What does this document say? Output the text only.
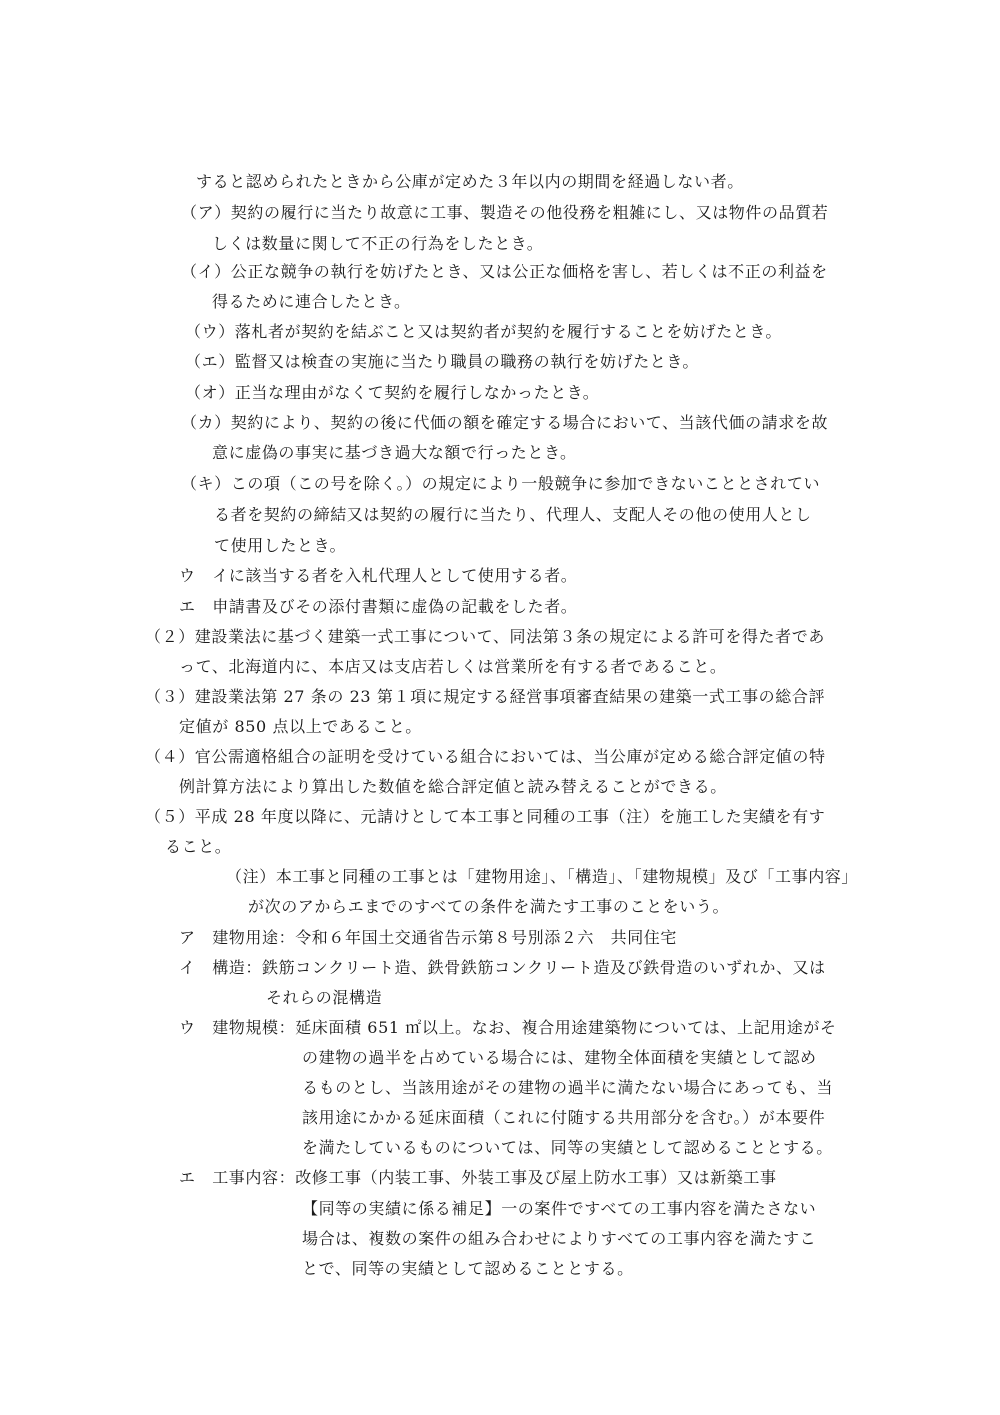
すると認められたときから公庫が定めた３年以内の期間を経過しない者。
（ア）契約の履行に当たり故意に工事、製造その他役務を粗雑にし、又は物件の品質若
しくは数量に関して不正の行為をしたとき。
（イ）公正な競争の執行を妨げたとき、又は公正な価格を害し、若しくは不正の利益を
得るために連合したとき。
（ウ）落札者が契約を結ぶこと又は契約者が契約を履行することを妨げたとき。
（エ）監督又は検査の実施に当たり職員の職務の執行を妨げたとき。
（オ）正当な理由がなくて契約を履行しなかったとき。
（カ）契約により、契約の後に代価の額を確定する場合において、当該代価の請求を故
意に虚偽の事実に基づき過大な額で行ったとき。
（キ）この項（この号を除く。）の規定により一般競争に参加できないこととされてい
る者を契約の締結又は契約の履行に当たり、代理人、支配人その他の使用人とし
て使用したとき。
ウ　イに該当する者を入札代理人として使用する者。
エ　申請書及びその添付書類に虚偽の記載をした者。
（２）建設業法に基づく建築一式工事について、同法第３条の規定による許可を得た者であ
って、北海道内に、本店又は支店若しくは営業所を有する者であること。
（３）建設業法第 27 条の 23 第１項に規定する経営事項審査結果の建築一式工事の総合評
定値が 850 点以上であること。
（４）官公需適格組合の証明を受けている組合においては、当公庫が定める総合評定値の特
例計算方法により算出した数値を総合評定値と読み替えることができる。
（５）平成 28 年度以降に、元請けとして本工事と同種の工事（注）を施工した実績を有す
ること。
（注）本工事と同種の工事とは「建物用途」、「構造」、「建物規模」及び「工事内容」
が次のアからエまでのすべての条件を満たす工事のことをいう。
ア　建物用途：令和６年国土交通省告示第８号別添２六　共同住宅
イ　構造：鉄筋コンクリート造、鉄骨鉄筋コンクリート造及び鉄骨造のいずれか、又は
それらの混構造
ウ　建物規模：延床面積 651 ㎡以上。なお、複合用途建築物については、上記用途がそ
の建物の過半を占めている場合には、建物全体面積を実績として認め
るものとし、当該用途がその建物の過半に満たない場合にあっても、当
該用途にかかる延床面積（これに付随する共用部分を含む。）が本要件
を満たしているものについては、同等の実績として認めることとする。
エ　工事内容：改修工事（内装工事、外装工事及び屋上防水工事）又は新築工事
【同等の実績に係る補足】一の案件ですべての工事内容を満たさない
場合は、複数の案件の組み合わせによりすべての工事内容を満たすこ
とで、同等の実績として認めることとする。
